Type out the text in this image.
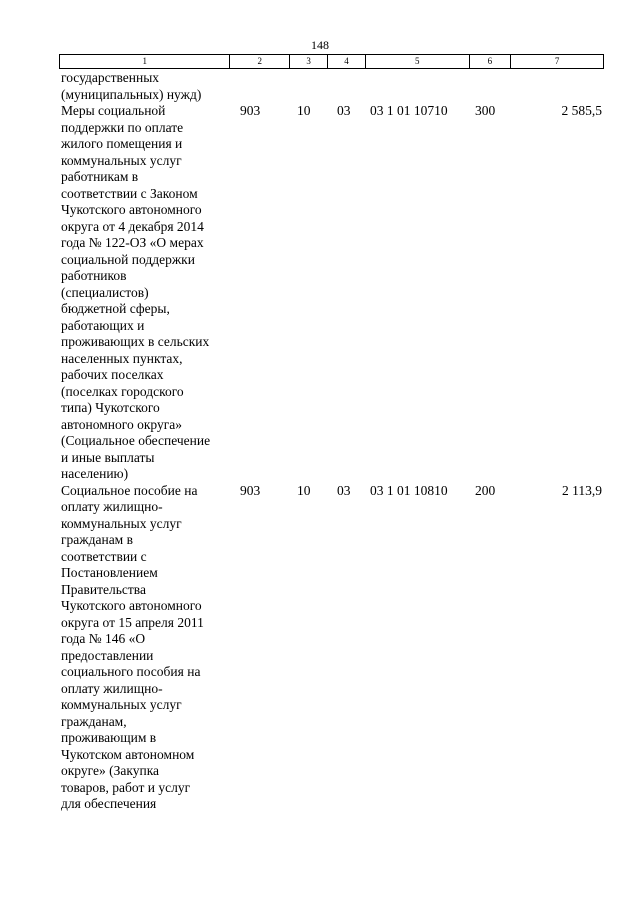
148
1	2	3	4	5	6	7
государственных
(муниципальных) нужд)
Меры социальной
поддержки по оплате
жилого помещения и
коммунальных услуг
работникам в
соответствии с Законом
Чукотского автономного
округа от 4 декабря 2014
года № 122-ОЗ «О мерах
социальной поддержки
работников
(специалистов)
бюджетной сферы,
работающих и
проживающих в сельских
населенных пунктах,
рабочих поселках
(поселках городского
типа) Чукотского
автономного округа»
(Социальное обеспечение
и иные выплаты
населению)
903	10	03	03 1 01 10710	300	2 585,5
Социальное пособие на
оплату жилищно-
коммунальных услуг
гражданам в
соответствии с
Постановлением
Правительства
Чукотского автономного
округа от 15 апреля 2011
года № 146 «О
предоставлении
социального пособия на
оплату жилищно-
коммунальных услуг
гражданам,
проживающим в
Чукотском автономном
округе» (Закупка
товаров, работ и услуг
для обеспечения
903	10	03	03 1 01 10810	200	2 113,9
